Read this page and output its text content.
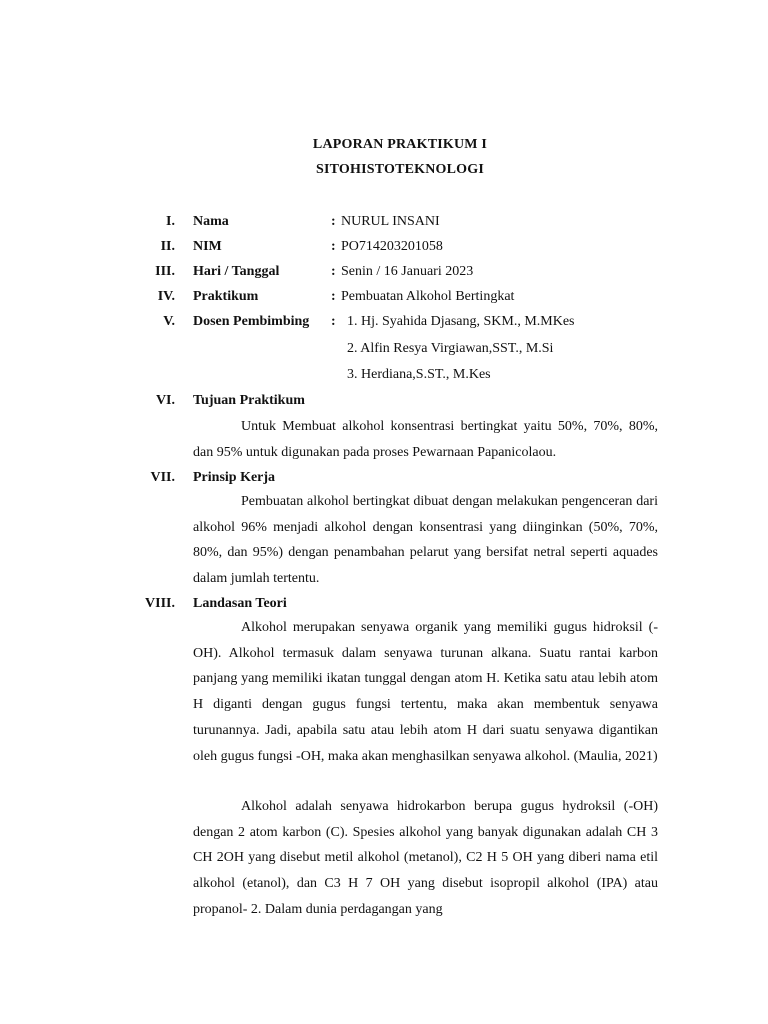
LAPORAN PRAKTIKUM I
SITOHISTOTEKNOLOGI
I. Nama	: NURUL INSANI
II. NIM	: PO714203201058
III. Hari / Tanggal	: Senin / 16 Januari 2023
IV. Praktikum	: Pembuatan Alkohol Bertingkat
V. Dosen Pembimbing : 1. Hj. Syahida Djasang, SKM., M.MKes
2. Alfin Resya Virgiawan,SST., M.Si
3. Herdiana,S.ST., M.Kes
VI. Tujuan Praktikum

Untuk Membuat alkohol konsentrasi bertingkat yaitu 50%, 70%, 80%, dan 95% untuk digunakan pada proses Pewarnaan Papanicolaou.

VII. Prinsip Kerja

Pembuatan alkohol bertingkat dibuat dengan melakukan pengenceran dari alkohol 96% menjadi alkohol dengan konsentrasi yang diinginkan (50%, 70%, 80%, dan 95%) dengan penambahan pelarut yang bersifat netral seperti aquades dalam jumlah tertentu.

VIII. Landasan Teori

Alkohol merupakan senyawa organik yang memiliki gugus hidroksil (-OH). Alkohol termasuk dalam senyawa turunan alkana. Suatu rantai karbon panjang yang memiliki ikatan tunggal dengan atom H. Ketika satu atau lebih atom H diganti dengan gugus fungsi tertentu, maka akan membentuk senyawa turunannya. Jadi, apabila satu atau lebih atom H dari suatu senyawa digantikan oleh gugus fungsi -OH, maka akan menghasilkan senyawa alkohol. (Maulia, 2021)

Alkohol adalah senyawa hidrokarbon berupa gugus hydroksil (-OH) dengan 2 atom karbon (C). Spesies alkohol yang banyak digunakan adalah CH 3 CH 2OH yang disebut metil alkohol (metanol), C2 H 5 OH yang diberi nama etil alkohol (etanol), dan C3 H 7 OH yang disebut isopropil alkohol (IPA) atau propanol- 2. Dalam dunia perdagangan yang
